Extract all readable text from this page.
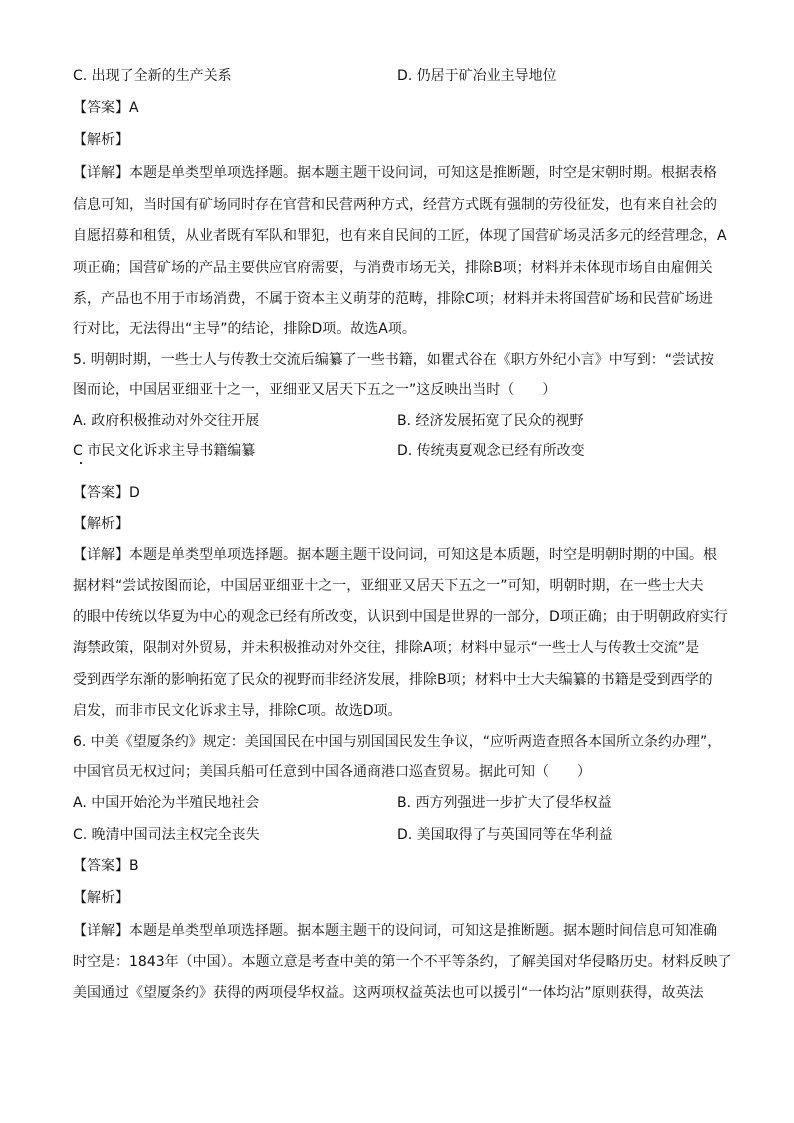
C. 出现了全新的生产关系	D. 仍居于矿冶业主导地位
【答案】A
【解析】
【详解】本题是单类型单项选择题。据本题主题干设问词，可知这是推断题，时空是宋朝时期。根据表格
信息可知，当时国有矿场同时存在官营和民营两种方式，经营方式既有强制的劳役征发，也有来自社会的
自愿招募和租赁，从业者既有军队和罪犯，也有来自民间的工匠，体现了国营矿场灵活多元的经营理念，A
项正确；国营矿场的产品主要供应官府需要，与消费市场无关，排除B项；材料并未体现市场自由雇佣关
系，产品也不用于市场消费，不属于资本主义萌芽的范畴，排除C项；材料并未将国营矿场和民营矿场进
行对比，无法得出“主导”的结论，排除D项。故选A项。
5. 明朝时期，一些士人与传教士交流后编纂了一些书籍，如瞿式谷在《职方外纪小言》中写到：“尝试按
图而论，中国居亚细亚十之一，亚细亚又居天下五之一”这反映出当时（　　）
A. 政府积极推动对外交往开展	B. 经济发展拓宽了民众的视野
C 市民文化诉求主导书籍编纂	D. 传统夷夏观念已经有所改变
【答案】D
【解析】
【详解】本题是单类型单项选择题。据本题主题干设问词，可知这是本质题，时空是明朝时期的中国。根
据材料“尝试按图而论，中国居亚细亚十之一，亚细亚又居天下五之一”可知，明朝时期，在一些士大夫
的眼中传统以华夏为中心的观念已经有所改变，认识到中国是世界的一部分，D项正确；由于明朝政府实行
海禁政策，限制对外贸易，并未积极推动对外交往，排除A项；材料中显示“一些士人与传教士交流”是
受到西学东渐的影响拓宽了民众的视野而非经济发展，排除B项；材料中士大夫编纂的书籍是受到西学的
启发，而非市民文化诉求主导，排除C项。故选D项。
6. 中美《望厦条约》规定：美国国民在中国与别国国民发生争议，“应听两造查照各本国所立条约办理”，
中国官员无权过问；美国兵船可任意到中国各通商港口巡查贸易。据此可知（　　）
A. 中国开始沦为半殖民地社会	B. 西方列强进一步扩大了侵华权益
C. 晚清中国司法主权完全丧失	D. 美国取得了与英国同等在华利益
【答案】B
【解析】
【详解】本题是单类型单项选择题。据本题主题干的设问词，可知这是推断题。据本题时间信息可知准确
时空是：1843年（中国）。本题立意是考查中美的第一个不平等条约，了解美国对华侵略历史。材料反映了
美国通过《望厦条约》获得的两项侵华权益。这两项权益英法也可以援引“一体均沾”原则获得，故英法
